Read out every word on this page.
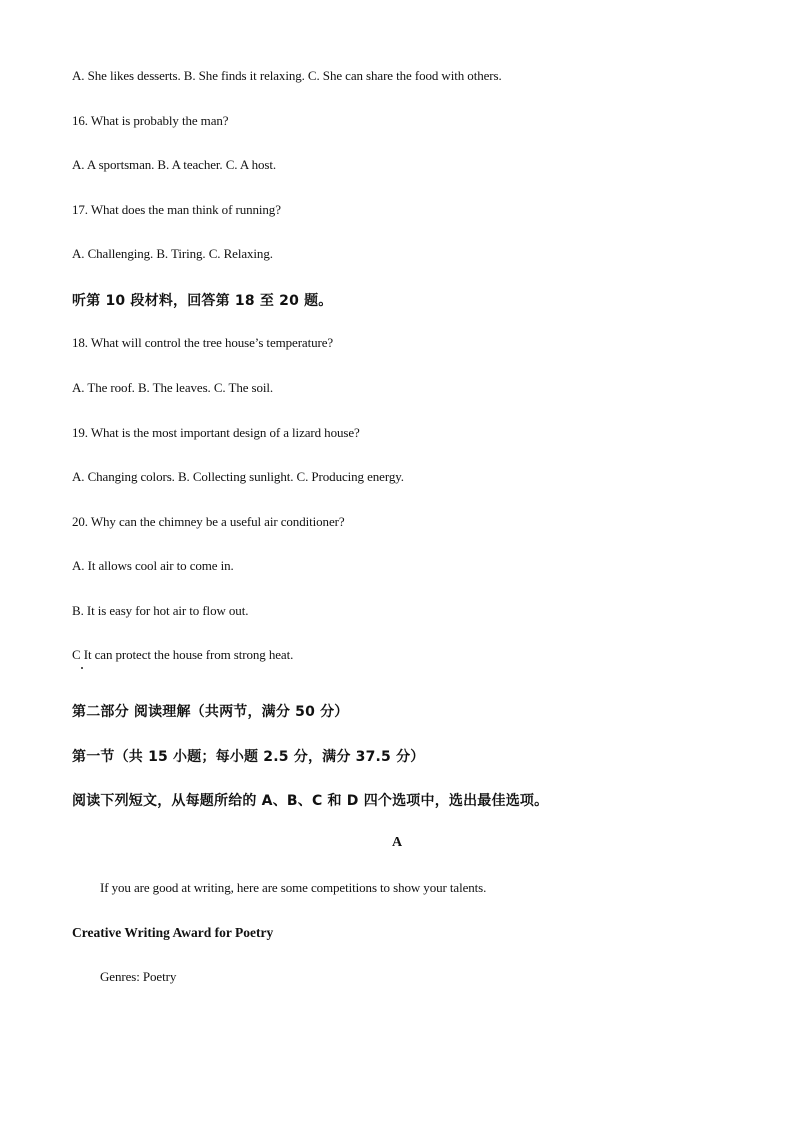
A. She likes desserts. B. She finds it relaxing. C. She can share the food with others.
16. What is probably the man?
A. A sportsman. B. A teacher. C. A host.
17. What does the man think of running?
A. Challenging. B. Tiring. C. Relaxing.
听第 10 段材料，回答第 18 至 20 题。
18. What will control the tree house’s temperature?
A. The roof. B. The leaves. C. The soil.
19. What is the most important design of a lizard house?
A. Changing colors. B. Collecting sunlight. C. Producing energy.
20. Why can the chimney be a useful air conditioner?
A. It allows cool air to come in.
B. It is easy for hot air to flow out.
C It can protect the house from strong heat.
第二部分 阅读理解（共两节，满分 50 分）
第一节（共 15 小题；每小题 2.5 分，满分 37.5 分）
阅读下列短文，从每题所给的 A、B、C 和 D 四个选项中，选出最佳选项。
A
If you are good at writing, here are some competitions to show your talents.
Creative Writing Award for Poetry
Genres: Poetry
